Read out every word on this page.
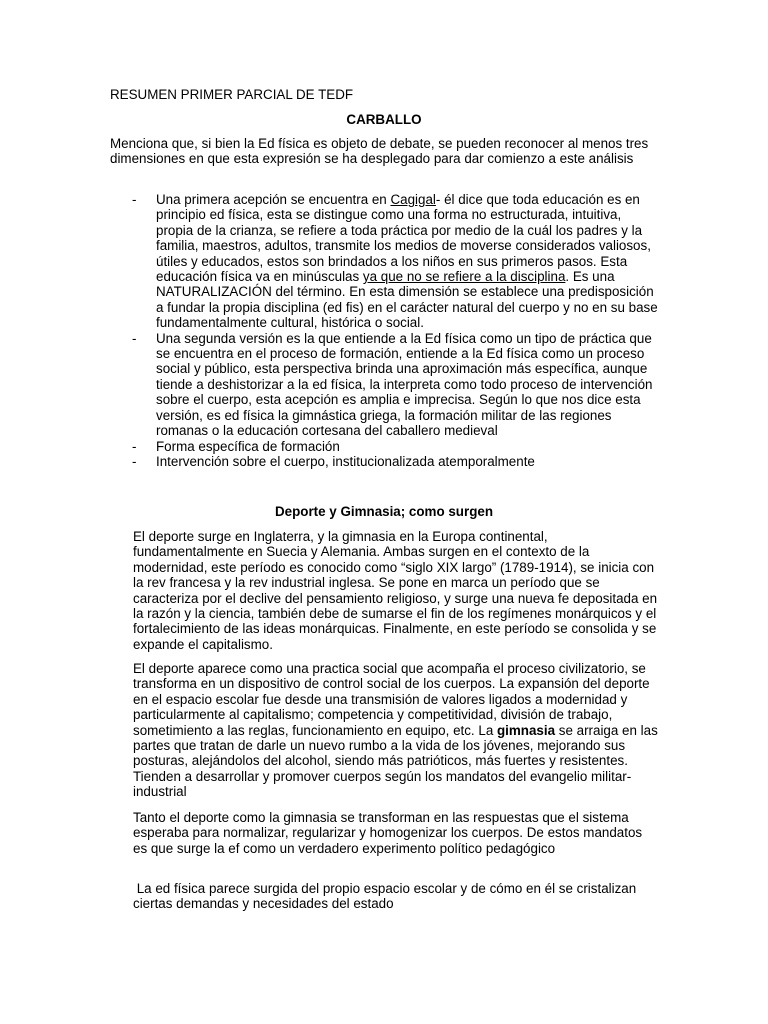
RESUMEN PRIMER PARCIAL DE TEDF

CARBALLO

Menciona que, si bien la Ed física es objeto de debate, se pueden reconocer al menos tres dimensiones en que esta expresión se ha desplegado para dar comienzo a este análisis

- Una primera acepción se encuentra en Cagigal- él dice que toda educación es en principio ed física, esta se distingue como una forma no estructurada, intuitiva, propia de la crianza, se refiere a toda práctica por medio de la cuál los padres y la familia, maestros, adultos, transmite los medios de moverse considerados valiosos, útiles y educados, estos son brindados a los niños en sus primeros pasos. Esta educación física va en minúsculas ya que no se refiere a la disciplina. Es una NATURALIZACIÓN del término. En esta dimensión se establece una predisposición a fundar la propia disciplina (ed fis) en el carácter natural del cuerpo y no en su base fundamentalmente cultural, histórica o social.
- Una segunda versión es la que entiende a la Ed física como un tipo de práctica que se encuentra en el proceso de formación, entiende a la Ed física como un proceso social y público, esta perspectiva brinda una aproximación más específica, aunque tiende a deshistorizar a la ed física, la interpreta como todo proceso de intervención sobre el cuerpo, esta acepción es amplia e imprecisa. Según lo que nos dice esta versión, es ed física la gimnástica griega, la formación militar de las regiones romanas o la educación cortesana del caballero medieval
- Forma específica de formación
- Intervención sobre el cuerpo, institucionalizada atemporalmente

Deporte y Gimnasia; como surgen

El deporte surge en Inglaterra, y la gimnasia en la Europa continental, fundamentalmente en Suecia y Alemania. Ambas surgen en el contexto de la modernidad, este período es conocido como “siglo XIX largo” (1789-1914), se inicia con la rev francesa y la rev industrial inglesa. Se pone en marca un período que se caracteriza por el declive del pensamiento religioso, y surge una nueva fe depositada en la razón y la ciencia, también debe de sumarse el fin de los regímenes monárquicos y el fortalecimiento de las ideas monárquicas. Finalmente, en este período se consolida y se expande el capitalismo.

El deporte aparece como una practica social que acompaña el proceso civilizatorio, se transforma en un dispositivo de control social de los cuerpos. La expansión del deporte en el espacio escolar fue desde una transmisión de valores ligados a modernidad y particularmente al capitalismo; competencia y competitividad, división de trabajo, sometimiento a las reglas, funcionamiento en equipo, etc. La gimnasia se arraiga en las partes que tratan de darle un nuevo rumbo a la vida de los jóvenes, mejorando sus posturas, alejándolos del alcohol, siendo más patrióticos, más fuertes y resistentes. Tienden a desarrollar y promover cuerpos según los mandatos del evangelio militar-industrial

Tanto el deporte como la gimnasia se transforman en las respuestas que el sistema esperaba para normalizar, regularizar y homogenizar los cuerpos. De estos mandatos es que surge la ef como un verdadero experimento político pedagógico

La ed física parece surgida del propio espacio escolar y de cómo en él se cristalizan ciertas demandas y necesidades del estado
